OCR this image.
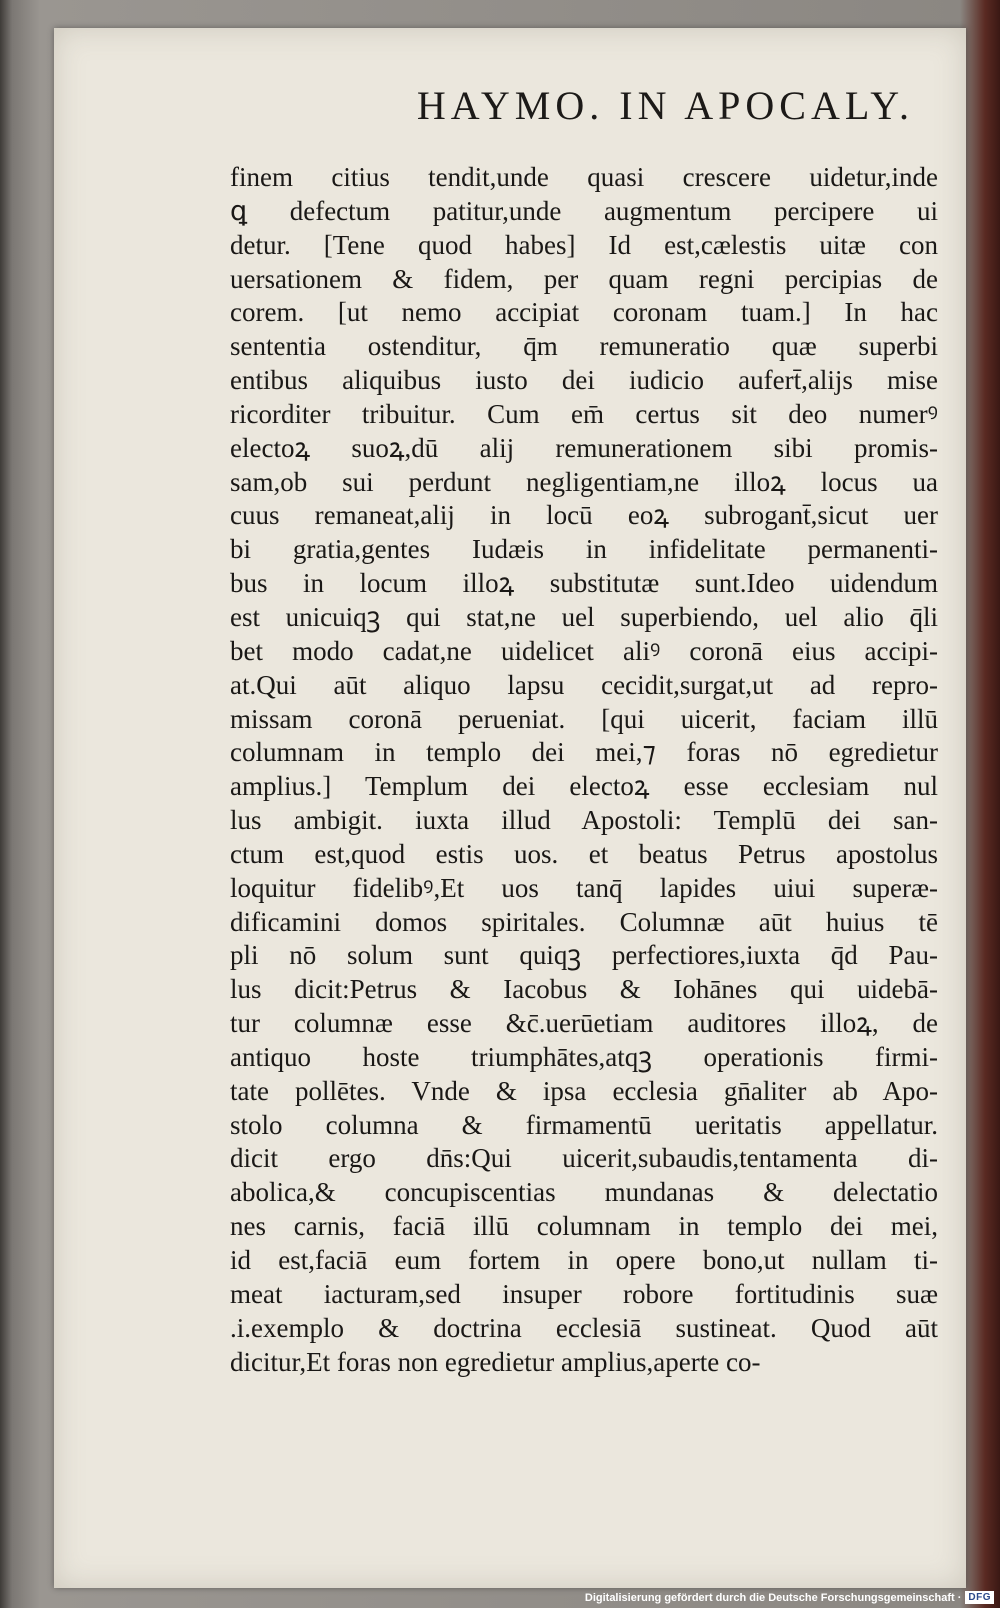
HAYMO. IN APOCALY.
finem citius tendit,unde quasi crescere uidetur,inde
ꝗ defectum patitur,unde augmentum percipere ui
detur. [Tene quod habes] Id est,cælestis uitæ con
uersationem & fidem, per quam regni percipias de
corem. [ut nemo accipiat coronam tuam.] In hac
sententia ostenditur, q̄m remuneratio quæ superbi
entibus aliquibus iusto dei iudicio aufert̄,alijs mise
ricorditer tribuitur. Cum em̄ certus sit deo numerꝰ
electoꝝ suoꝝ,dū alij remunerationem sibi promis-
sam,ob sui perdunt negligentiam,ne illoꝝ locus ua
cuus remaneat,alij in locū eoꝝ subrogant̄,sicut uer
bi gratia,gentes Iudæis in infidelitate permanenti-
bus in locum illoꝝ substitutæ sunt.Ideo uidendum
est unicuiqꝫ qui stat,ne uel superbiendo, uel alio q̄li
bet modo cadat,ne uidelicet aliꝰ coronā eius accipi-
at.Qui aūt aliquo lapsu cecidit,surgat,ut ad repro-
missam coronā perueniat. [qui uicerit, faciam illū
columnam in templo dei mei,⁊ foras nō egredietur
amplius.] Templum dei electoꝝ esse ecclesiam nul
lus ambigit. iuxta illud Apostoli: Templū dei san-
ctum est,quod estis uos. et beatus Petrus apostolus
loquitur fidelibꝰ,Et uos tanq̄ lapides uiui superæ-
dificamini domos spiritales. Columnæ aūt huius tē
pli nō solum sunt quiqꝫ perfectiores,iuxta q̄d Pau-
lus dicit:Petrus & Iacobus & Iohānes qui uidebā-
tur columnæ esse &c̄.uerūetiam auditores illoꝝ, de
antiquo hoste triumphātes,atqꝫ operationis firmi-
tate pollētes. Vnde & ipsa ecclesia gn̄aliter ab Apo-
stolo columna & firmamentū ueritatis appellatur.
dicit ergo dn̄s:Qui uicerit,subaudis,tentamenta di-
abolica,& concupiscentias mundanas & delectatio
nes carnis, faciā illū columnam in templo dei mei,
id est,faciā eum fortem in opere bono,ut nullam ti-
meat iacturam,sed insuper robore fortitudinis suæ
.i.exemplo & doctrina ecclesiā sustineat. Quod aūt
dicitur,Et foras non egredietur amplius,aperte co-
Digitalisierung gefördert durch die Deutsche Forschungsgemeinschaft · DFG
